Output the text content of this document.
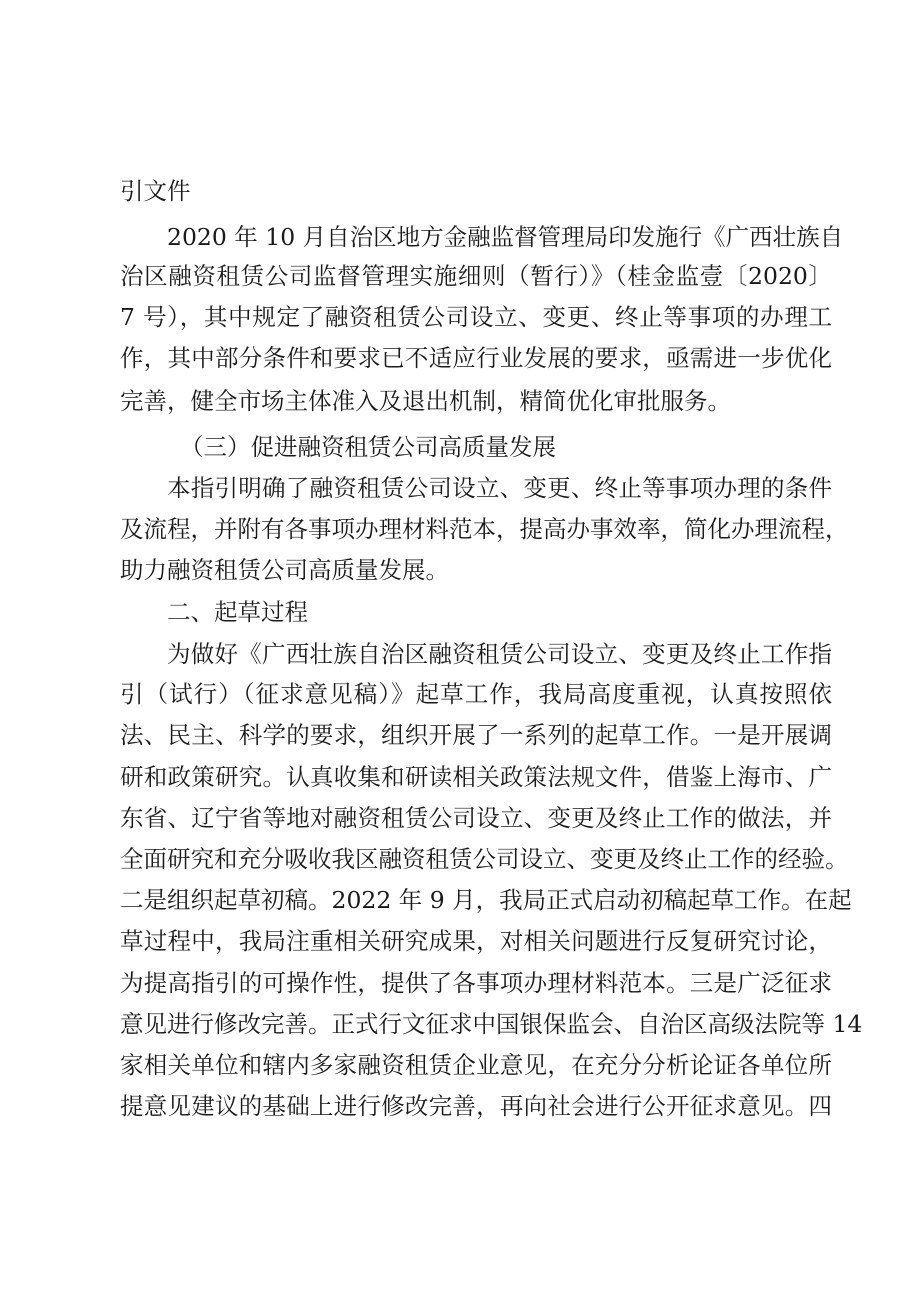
引文件
2020 年 10 月自治区地方金融监督管理局印发施行《广西壮族自
治区融资租赁公司监督管理实施细则（暂行）》（桂金监壹〔2020〕
7 号），其中规定了融资租赁公司设立、变更、终止等事项的办理工
作，其中部分条件和要求已不适应行业发展的要求，亟需进一步优化
完善，健全市场主体准入及退出机制，精简优化审批服务。
（三）促进融资租赁公司高质量发展
本指引明确了融资租赁公司设立、变更、终止等事项办理的条件
及流程，并附有各事项办理材料范本，提高办事效率，简化办理流程，
助力融资租赁公司高质量发展。
二、起草过程
为做好《广西壮族自治区融资租赁公司设立、变更及终止工作指
引（试行）（征求意见稿）》起草工作，我局高度重视，认真按照依
法、民主、科学的要求，组织开展了一系列的起草工作。一是开展调
研和政策研究。认真收集和研读相关政策法规文件，借鉴上海市、广
东省、辽宁省等地对融资租赁公司设立、变更及终止工作的做法，并
全面研究和充分吸收我区融资租赁公司设立、变更及终止工作的经验。
二是组织起草初稿。2022 年 9 月，我局正式启动初稿起草工作。在起
草过程中，我局注重相关研究成果，对相关问题进行反复研究讨论，
为提高指引的可操作性，提供了各事项办理材料范本。三是广泛征求
意见进行修改完善。正式行文征求中国银保监会、自治区高级法院等 14
家相关单位和辖内多家融资租赁企业意见，在充分分析论证各单位所
提意见建议的基础上进行修改完善，再向社会进行公开征求意见。四
